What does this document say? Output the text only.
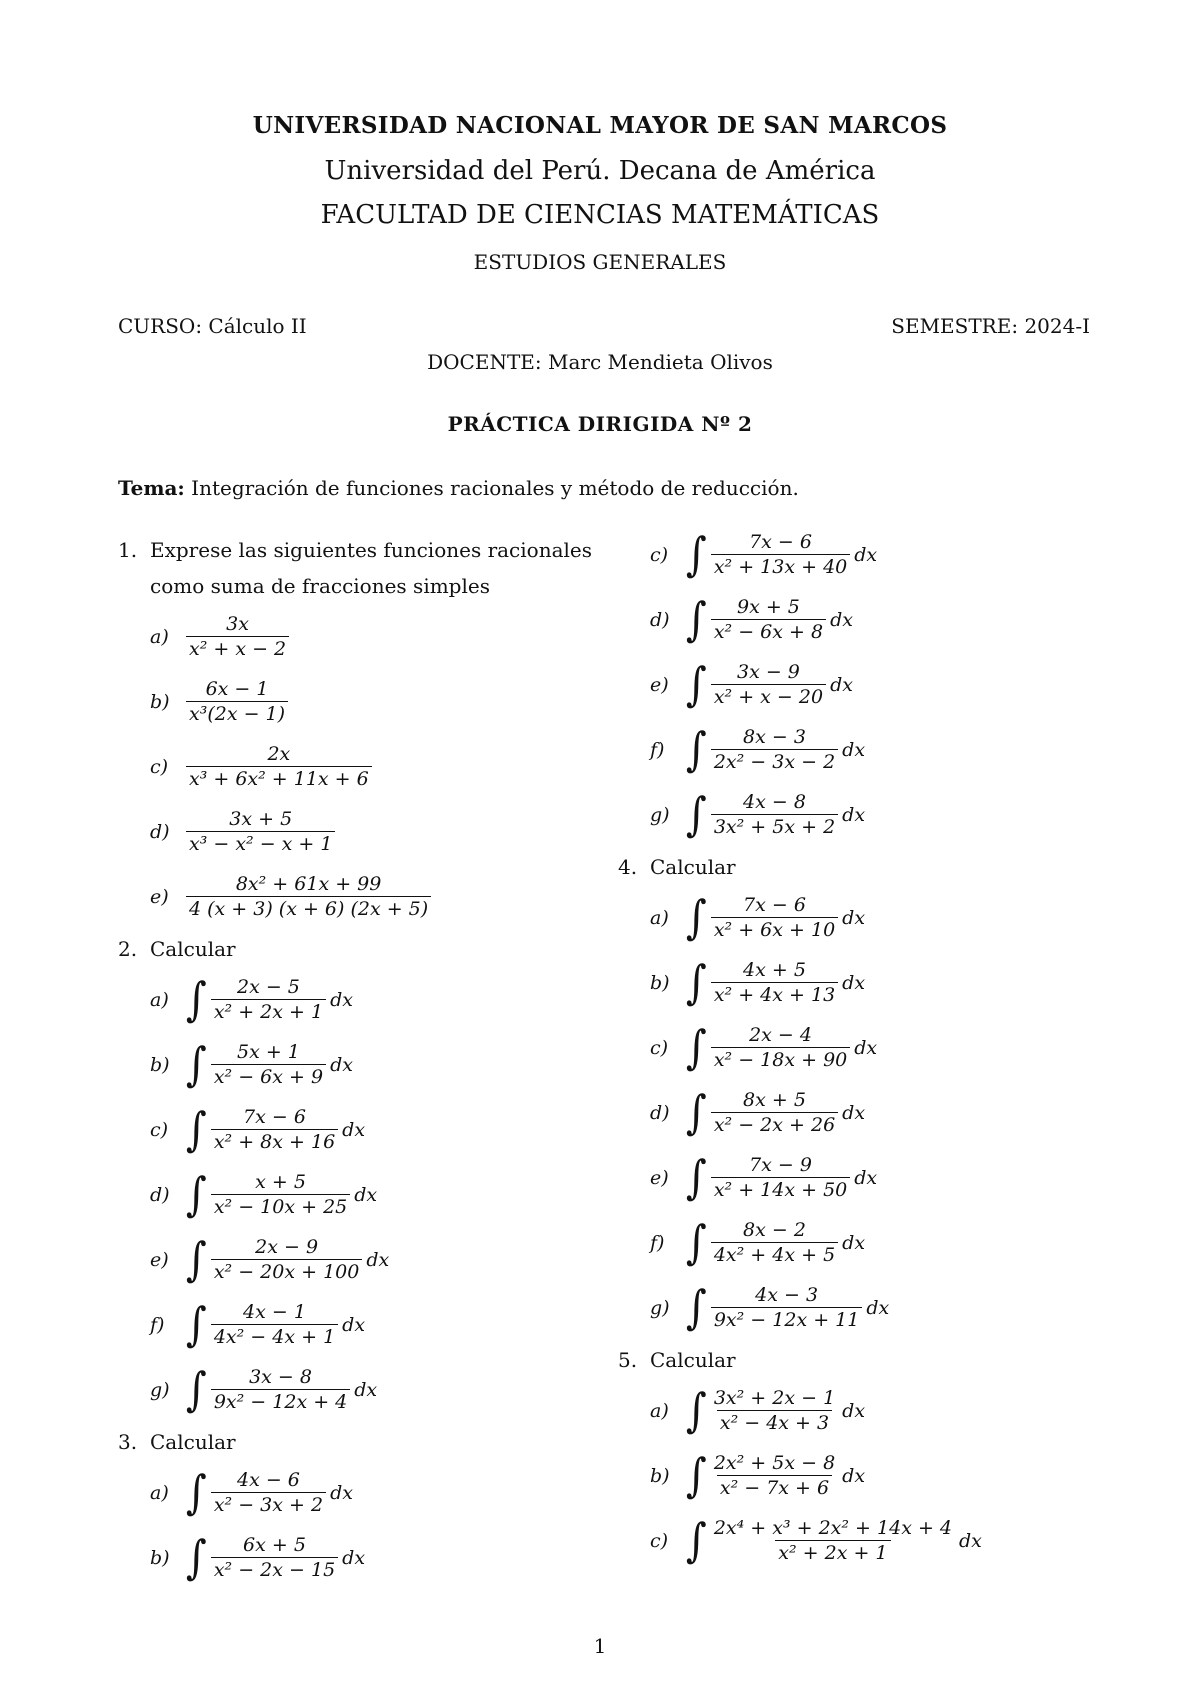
UNIVERSIDAD NACIONAL MAYOR DE SAN MARCOS
Universidad del Perú. Decana de América
FACULTAD DE CIENCIAS MATEMÁTICAS
ESTUDIOS GENERALES
CURSO: Cálculo II	SEMESTRE: 2024-I
DOCENTE: Marc Mendieta Olivos
PRÁCTICA DIRIGIDA Nº 2
Tema: Integración de funciones racionales y método de reducción.
1. Exprese las siguientes funciones racionales
como suma de fracciones simples
$a) \frac{3x}{\text{x² + x − 2}}$
$b) \frac{6x - 1}{\text{x³(2x − 1)}}$
$c) \frac{2x}{\text{x³ + 6x² + 11x + 6}}$
$d) \frac{3x + 5}{\text{x³ − x² − x + 1}}$
$e) \frac{\text{8x² + 61x + 99}}{4 (x + 3) (x + 6) (2x + 5)}$
2. Calcular
a) ∫ $\frac{2x - 5}{\text{x² + 2x + 1}}$ dx
b) ∫ $\frac{5x + 1}{\text{x² − 6x + 9}}$ dx
c) ∫ $\frac{7x - 6}{\text{x² + 8x + 16}}$ dx
d) ∫ $\frac{x + 5}{\text{x² − 10x + 25}}$ dx
e) ∫ $\frac{2x - 9}{\text{x² − 20x + 100}}$ dx
f) ∫ $\frac{4x - 1}{\text{4x² − 4x + 1}}$ dx
g) ∫ $\frac{3x - 8}{\text{9x² − 12x + 4}}$ dx
3. Calcular
a) ∫ $\frac{4x - 6}{\text{x² − 3x + 2}}$ dx
b) ∫ $\frac{6x + 5}{\text{x² − 2x − 15}}$ dx
c) ∫ $\frac{7x - 6}{\text{x² + 13x + 40}}$ dx
d) ∫ $\frac{9x + 5}{\text{x² − 6x + 8}}$ dx
e) ∫ $\frac{3x - 9}{\text{x² + x − 20}}$ dx
f) ∫ $\frac{8x - 3}{\text{2x² − 3x − 2}}$ dx
g) ∫ $\frac{4x - 8}{\text{3x² + 5x + 2}}$ dx
4. Calcular
a) ∫ $\frac{7x - 6}{\text{x² + 6x + 10}}$ dx
b) ∫ $\frac{4x + 5}{\text{x² + 4x + 13}}$ dx
c) ∫ $\frac{2x - 4}{\text{x² − 18x + 90}}$ dx
d) ∫ $\frac{8x + 5}{\text{x² − 2x + 26}}$ dx
e) ∫ $\frac{7x - 9}{\text{x² + 14x + 50}}$ dx
f) ∫ $\frac{8x - 2}{\text{4x² + 4x + 5}}$ dx
g) ∫ $\frac{4x - 3}{\text{9x² − 12x + 11}}$ dx
5. Calcular
a) ∫ $\frac{\text{3x² + 2x − 1}}{\text{x² − 4x + 3}}$ dx
b) ∫ $\frac{\text{2x² + 5x − 8}}{\text{x² − 7x + 6}}$ dx
c) ∫ $\frac{\text{2x⁴ + x³ + 2x² + 14x + 4}}{\text{x² + 2x + 1}}$ dx
1
